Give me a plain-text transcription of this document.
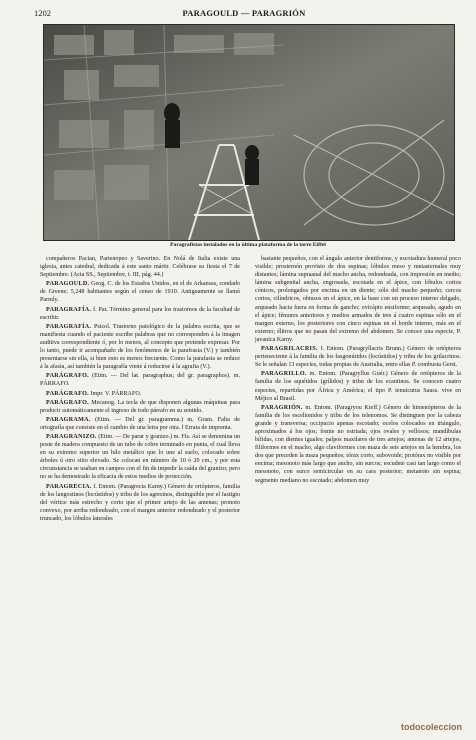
1202	PARAGOULD — PARAGRIÓN
Paragrafistas instalados en la última plataforma de la torre Eiffel

compañeros Pacian, Partenopeo y Saverino. En Nolá de Italia existe una iglesia, antes catedral, dedicada á este santo mártir. Celébrase su fiesta el 7 de Septiembre. (Acta SS., Septiembre, t. III, pág. 44.)

PARAGOULD. Geog. C. de los Estados Unidos, en el de Arkansas, condado de Greene; 5,248 habitantes según el censo de 1910. Antiguamente se llamó Parmly.

PARAGRAFÍA. f. Pat. Término general para los trastornos de la facultad de escribir.

PARAGRAFÍA. Psicol. Trastorno patológico de la palabra escrita, que se manifiesta cuando el paciente escribe palabras que no corresponden á la imagen auditiva correspondiente ó, por lo menos, al concepto que pretende expresar. Por lo tanto, puede ir acompañado de los fenómenos de la parafrasia (V.) y también presentarse sin ella, si bien esto es menos frecuente. Como la parafasia se reduce á la afasia, así también la paragrafía viene á reducirse á la agrafia (V.).

PARÁGRAFO. (Etim. — Del lat. paragraphus; del gr. paragraphos). m. PÁRRAFO.

PARÁGRAFO. Impr. V. PÁRRAFO.

PARÁGRAFO. Mecanog. La tecla de que disponen algunas máquinas para producir automáticamente el ingreso de todo párrafo en su sentido.

PARAGRAMA. (Etim. — Del gr. paragramma.) m. Gram. Falta de ortografía que consiste en el cambio de una letra por otra. ‖ Errata de imprenta.

PARAGRANIZO. (Etim. — De parar y granizo.) m. Fís. Así se denomina un poste de madera compuesto de un tubo de cobre terminado en punta, el cual lleva en su extremo superior un hilo metálico que lo une al suelo, colocado sobre árboles ú otro sitio elevado. Se colocan en número de 10 ó 20 cm., y por esta circunstancia se usaban en campos con el fin de impedir la caída del granizo; pero no se ha demostrado la eficacia de estos medios de protección.

PARAGRECIA. f. Entom. (Paragrecia Karny.) Género de ortópteros, familia de los langostinos (locústidos) y tribu de los agresinos, distinguible por el fastigio del vértice más estrecho y corto que el primer artejo de las antenas; pronoto convexo, por arriba redondeado, con el margen anterior redondeado y el posterior truncado, los lóbulos laterales

bastante pequeños, con el ángulo anterior dentiforme, y escotadura humeral poco visible; prosternón provisto de dos espinas; lóbulos meso y metasternales muy distantes; lámina supraanal del macho ancha, redondeada, con impresión en medio; lámina subgenital ancha, engrosada, escotada en el ápice, con lóbulos cortos cónicos, prolongados por encima en un diente; sólo del macho pequeño; cercos cortos, cilíndricos, obtusos en el ápice, en la base con un proceso interno delgado, arqueado hacia fuera en forma de gancho; ovicápto ensiforme; arqueado, agudo en el ápice; fémures anteriores y medios armados de tres á cuatro espinas sólo en el margen externo, los posteriores con cinco espinas en el borde interno, más en el externo; élitros que no pasan del extremo del abdomen. Se conoce una especie, P. javanica Karny.

PARAGRILACRIS. f. Entom. (Paragryllacris Brunn.) Género de ortópteros perteneciente á la familia de los fasgonúridos (locústidos) y tribu de los grilacrinos. Se le señalan 13 especies, todas propias de Australia, entre ellas P. combusta Gerst.

PARAGRILLO. m. Entom. (Paragryllus Guér.) Género de ortópteros de la familia de los aquétidos (grílidos) y tribu de los ecantinos. Se conocen cuatro especies, repartidas por África y América; el tipo P. tenuicutus Sauss. vive en Méjico al Brasil.

PARAGRIÓN. m. Entom. (Paragryou Kieff.) Género de himenópteros de la familia de los escelionidos y tribu de los telenomos. Se distinguen por la cabeza grande y transversa; occipucio apenas escotado; ocelos colocados en triángulo, aproximados á los ojos; frente no estriada; ojos ovales y vellosos; mandíbulas bífidas, con dientes iguales; palpos maxilares de tres artejos; antenas de 12 artejos, filiformes en el macho, algo claviformes con maza de seis artejos en la hembra, los dos que preceden la maza pequeños; tórax corto, subovoide; protórax no visible por encima; mesonoto más largo que ancho, sin surcos; escudete casi tan largo como el mesonoto, con surco semicircular en su cara posterior; metanoto sin espina; segmento mediano no escotado; abdomen muy

todocoleccion
